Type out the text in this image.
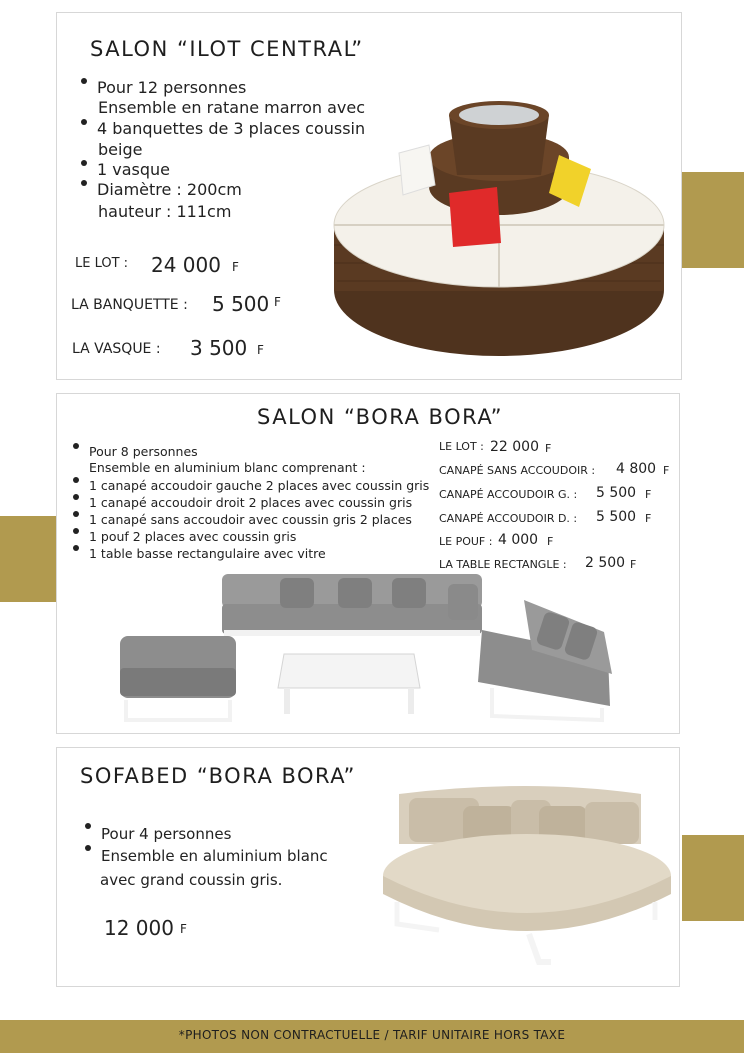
SALON “ILOT CENTRAL”
Pour 12 personnes
Ensemble en ratane marron avec
4 banquettes de 3 places coussin
beige
1 vasque
Diamètre : 200cm
hauteur : 111cm
LE LOT : 24 000 F
LA BANQUETTE : 5 500 F
LA VASQUE : 3 500 F
SALON “BORA BORA”
Pour 8 personnes
Ensemble en aluminium blanc comprenant :
1 canapé accoudoir gauche 2 places avec coussin gris
1 canapé accoudoir droit 2 places avec coussin gris
1 canapé sans accoudoir avec coussin gris 2 places
1 pouf 2 places avec coussin gris
1 table basse rectangulaire avec vitre
LE LOT : 22 000 F
CANAPÉ SANS ACCOUDOIR : 4 800 F
CANAPÉ ACCOUDOIR G. : 5 500 F
CANAPÉ ACCOUDOIR D. : 5 500 F
LE POUF : 4 000 F
LA TABLE RECTANGLE : 2 500 F
SOFABED “BORA BORA”
Pour 4 personnes
Ensemble en aluminium blanc
avec grand coussin gris.
12 000 F
*PHOTOS NON CONTRACTUELLE / TARIF UNITAIRE HORS TAXE
